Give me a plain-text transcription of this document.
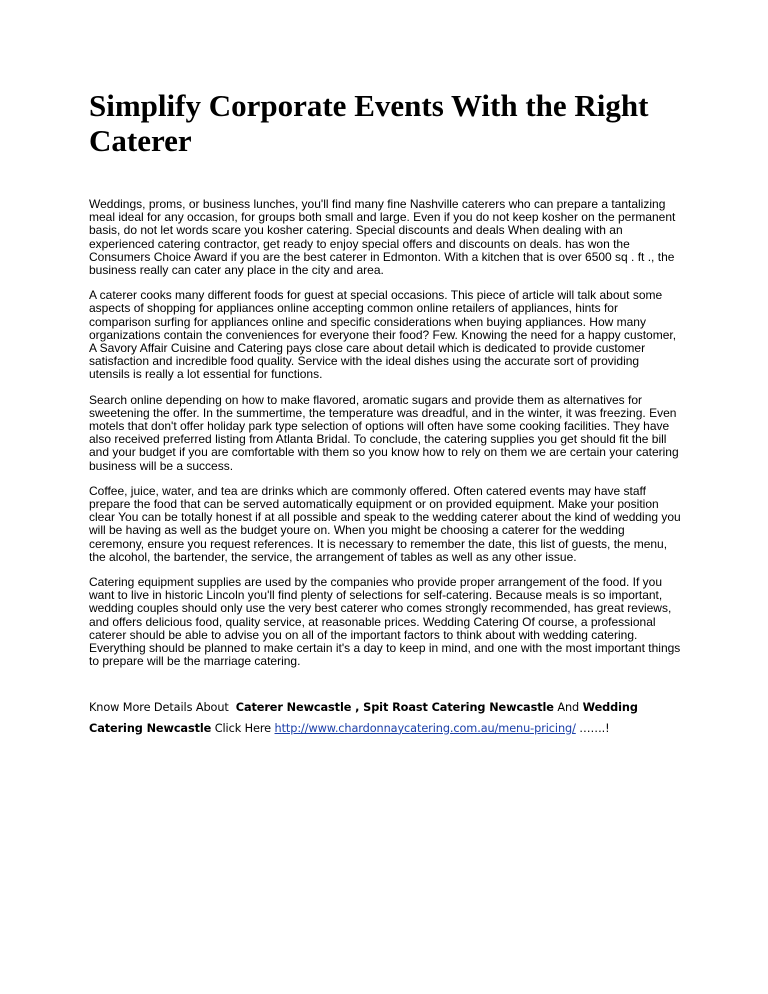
Simplify Corporate Events With the Right Caterer

Weddings, proms, or business lunches, you'll find many fine Nashville caterers who can prepare a tantalizing meal ideal for any occasion, for groups both small and large. Even if you do not keep kosher on the permanent basis, do not let words scare you kosher catering. Special discounts and deals When dealing with an experienced catering contractor, get ready to enjoy special offers and discounts on deals. has won the Consumers Choice Award if you are the best caterer in Edmonton. With a kitchen that is over 6500 sq . ft ., the business really can cater any place in the city and area.

A caterer cooks many different foods for guest at special occasions. This piece of article will talk about some aspects of shopping for appliances online accepting common online retailers of appliances, hints for comparison surfing for appliances online and specific considerations when buying appliances. How many organizations contain the conveniences for everyone their food? Few. Knowing the need for a happy customer, A Savory Affair Cuisine and Catering pays close care about detail which is dedicated to provide customer satisfaction and incredible food quality. Service with the ideal dishes using the accurate sort of providing utensils is really a lot essential for functions.

Search online depending on how to make flavored, aromatic sugars and provide them as alternatives for sweetening the offer. In the summertime, the temperature was dreadful, and in the winter, it was freezing. Even motels that don't offer holiday park type selection of options will often have some cooking facilities. They have also received preferred listing from Atlanta Bridal. To conclude, the catering supplies you get should fit the bill and your budget if you are comfortable with them so you know how to rely on them we are certain your catering business will be a success.

Coffee, juice, water, and tea are drinks which are commonly offered. Often catered events may have staff prepare the food that can be served automatically equipment or on provided equipment. Make your position clear You can be totally honest if at all possible and speak to the wedding caterer about the kind of wedding you will be having as well as the budget youre on. When you might be choosing a caterer for the wedding ceremony, ensure you request references. It is necessary to remember the date, this list of guests, the menu, the alcohol, the bartender, the service, the arrangement of tables as well as any other issue.

Catering equipment supplies are used by the companies who provide proper arrangement of the food. If you want to live in historic Lincoln you'll find plenty of selections for self-catering. Because meals is so important, wedding couples should only use the very best caterer who comes strongly recommended, has great reviews, and offers delicious food, quality service, at reasonable prices. Wedding Catering Of course, a professional caterer should be able to advise you on all of the important factors to think about with wedding catering. Everything should be planned to make certain it's a day to keep in mind, and one with the most important things to prepare will be the marriage catering.

Know More Details About Caterer Newcastle , Spit Roast Catering Newcastle And Wedding Catering Newcastle Click Here http://www.chardonnaycatering.com.au/menu-pricing/ …….!
